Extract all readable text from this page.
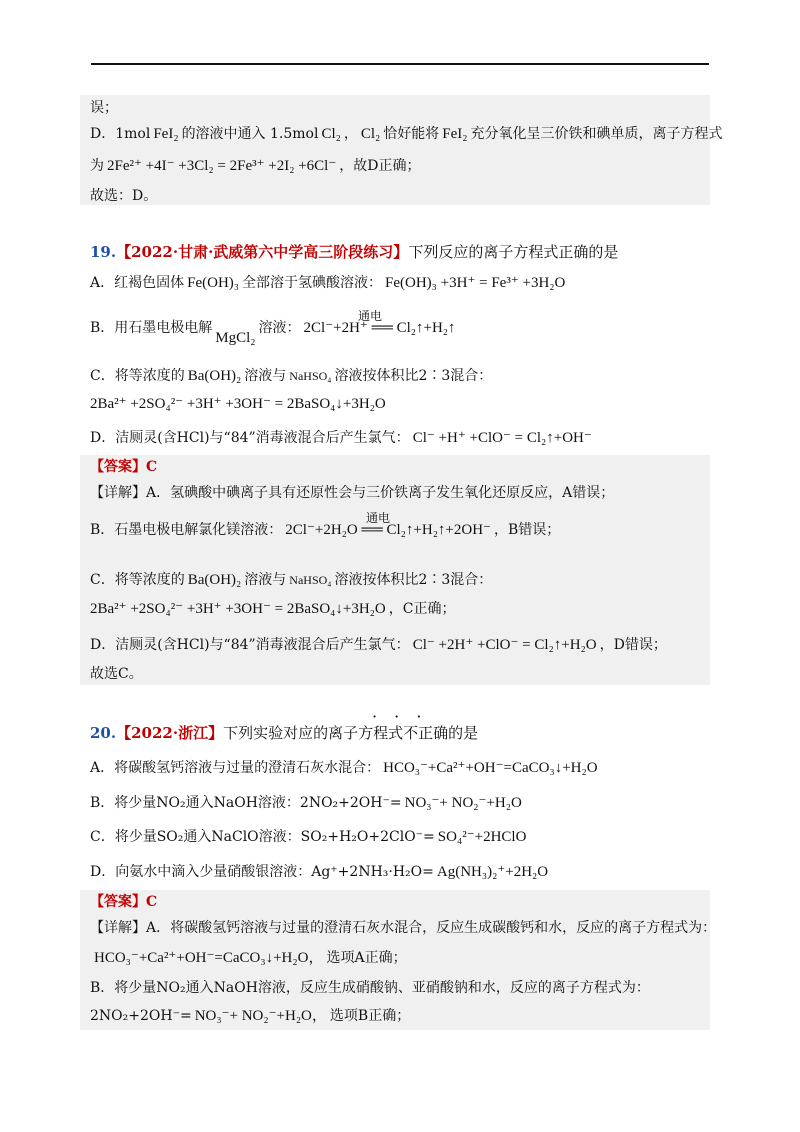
误；
D．1mol FeI₂ 的溶液中通入 1.5mol Cl₂ ， Cl₂ 恰好能将 FeI₂ 充分氧化呈三价铁和碘单质，离子方程式
为 2Fe²⁺ +4I⁻ +3Cl₂ = 2Fe³⁺ +2I₂ +6Cl⁻ ，故D正确；
故选：D。
19.【2022·甘肃·武威第六中学高三阶段练习】下列反应的离子方程式正确的是
A．红褐色固体 Fe(OH)₃ 全部溶于氢碘酸溶液： Fe(OH)₃ +3H⁺ = Fe³⁺ +3H₂O
B．用石墨电极电解MgCl₂溶液： 2Cl⁻+2H⁺ ══ Cl₂↑+H₂↑
通电
C．将等浓度的 Ba(OH)₂ 溶液与 NaHSO₄ 溶液按体积比2∶3混合：
2Ba²⁺ +2SO₄²⁻ +3H⁺ +3OH⁻ = 2BaSO₄↓+3H₂O
D．洁厕灵(含HCl)与“84”消毒液混合后产生氯气： Cl⁻ +H⁺ +ClO⁻ = Cl₂↑+OH⁻
【答案】C
【详解】A．氢碘酸中碘离子具有还原性会与三价铁离子发生氧化还原反应，A错误；
B．石墨电极电解氯化镁溶液： 2Cl⁻+2H₂O ══ Cl₂↑+H₂↑+2OH⁻ ，B错误；
通电
C．将等浓度的 Ba(OH)₂ 溶液与 NaHSO₄ 溶液按体积比2∶3混合：
2Ba²⁺ +2SO₄²⁻ +3H⁺ +3OH⁻ = 2BaSO₄↓+3H₂O ，C正确；
D．洁厕灵(含HCl)与“84”消毒液混合后产生氯气： Cl⁻ +2H⁺ +ClO⁻ = Cl₂↑+H₂O ，D错误；
故选C。
· · ·
20.【2022·浙江】下列实验对应的离子方程式不正确的是
A．将碳酸氢钙溶液与过量的澄清石灰水混合： HCO₃⁻+Ca²⁺+OH⁻=CaCO₃↓+H₂O
B．将少量NO₂通入NaOH溶液：2NO₂+2OH⁻= NO₃⁻+ NO₂⁻+H₂O
C．将少量SO₂通入NaClO溶液：SO₂+H₂O+2ClO⁻= SO₄²⁻+2HClO
D．向氨水中滴入少量硝酸银溶液：Ag⁺+2NH₃·H₂O= Ag(NH₃)₂⁺+2H₂O
【答案】C
【详解】A．将碳酸氢钙溶液与过量的澄清石灰水混合，反应生成碳酸钙和水，反应的离子方程式为：
HCO₃⁻+Ca²⁺+OH⁻=CaCO₃↓+H₂O， 选项A正确；
B．将少量NO₂通入NaOH溶液，反应生成硝酸钠、亚硝酸钠和水，反应的离子方程式为：
2NO₂+2OH⁻= NO₃⁻+ NO₂⁻+H₂O， 选项B正确；
